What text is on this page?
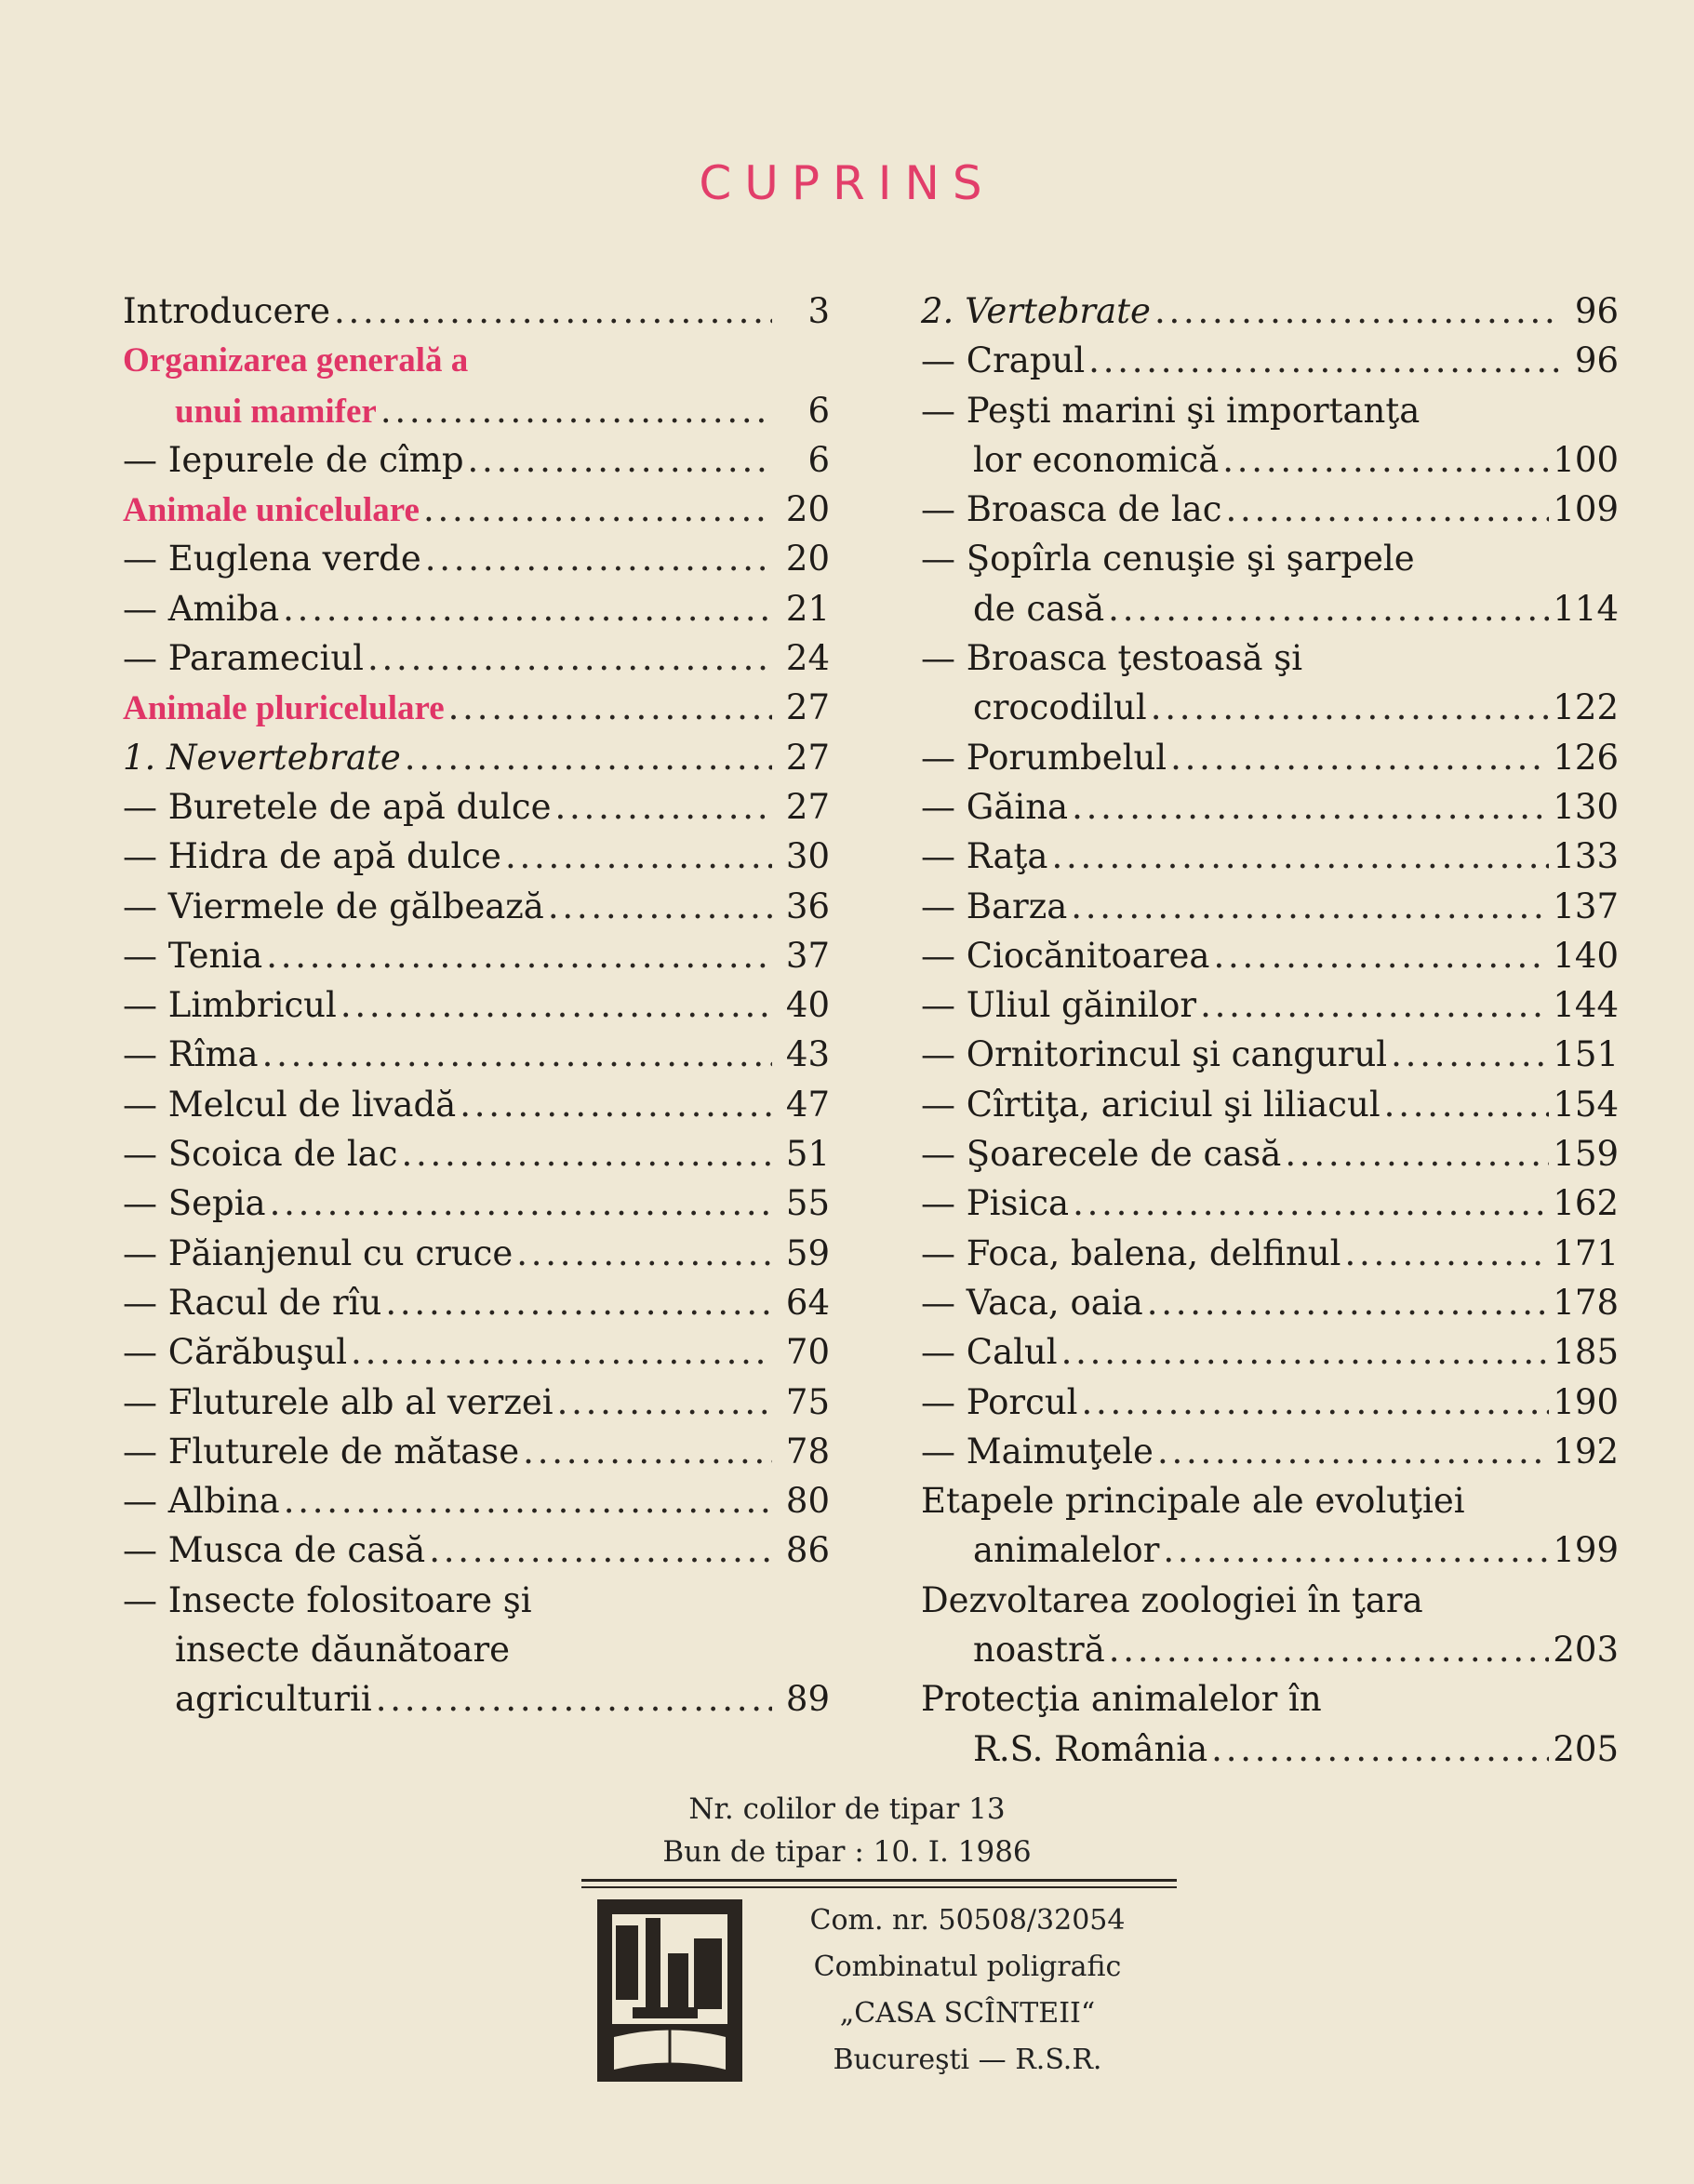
CUPRINS
Introducere . . .	3
Organizarea generală a
unui mamifer . . .	6
— Iepurele de cîmp . . .	6
Animale unicelulare . . .	20
— Euglena verde . . .	20
— Amiba . . .	21
— Parameciul . . .	24
Animale pluricelulare . . .	27
1. Nevertebrate . . .	27
— Buretele de apă dulce . . .	27
— Hidra de apă dulce . . .	30
— Viermele de gălbează . . .	36
— Tenia . . .	37
— Limbricul . . .	40
— Rîma . . .	43
— Melcul de livadă . . .	47
— Scoica de lac . . .	51
— Sepia . . .	55
— Păianjenul cu cruce . . .	59
— Racul de rîu . . .	64
— Cărăbuşul . . .	70
— Fluturele alb al verzei . . .	75
— Fluturele de mătase . . .	78
— Albina . . .	80
— Musca de casă . . .	86
— Insecte folositoare şi
insecte dăunătoare
agriculturii . . .	89
2. Vertebrate . . .	96
— Crapul . . .	96
— Peşti marini şi importanţa
lor economică . . .	100
— Broasca de lac . . .	109
— Şopîrla cenuşie şi şarpele
de casă . . .	114
— Broasca ţestoasă şi
crocodilul . . .	122
— Porumbelul . . .	126
— Găina . . .	130
— Raţa . . .	133
— Barza . . .	137
— Ciocănitoarea . . .	140
— Uliul găinilor . . .	144
— Ornitorincul şi cangurul . . .	151
— Cîrtiţa, ariciul şi liliacul . . .	154
— Şoarecele de casă . . .	159
— Pisica . . .	162
— Foca, balena, delfinul . . .	171
— Vaca, oaia . . .	178
— Calul . . .	185
— Porcul . . .	190
— Maimuţele . . .	192
Etapele principale ale evoluţiei
animalelor . . .	199
Dezvoltarea zoologiei în ţara
noastră . . .	203
Protecţia animalelor în
R.S. România . . .	205
Nr. colilor de tipar 13
Bun de tipar : 10. I. 1986
Com. nr. 50508/32054
Combinatul poligrafic
„CASA SCÎNTEII“
Bucureşti — R.S.R.
